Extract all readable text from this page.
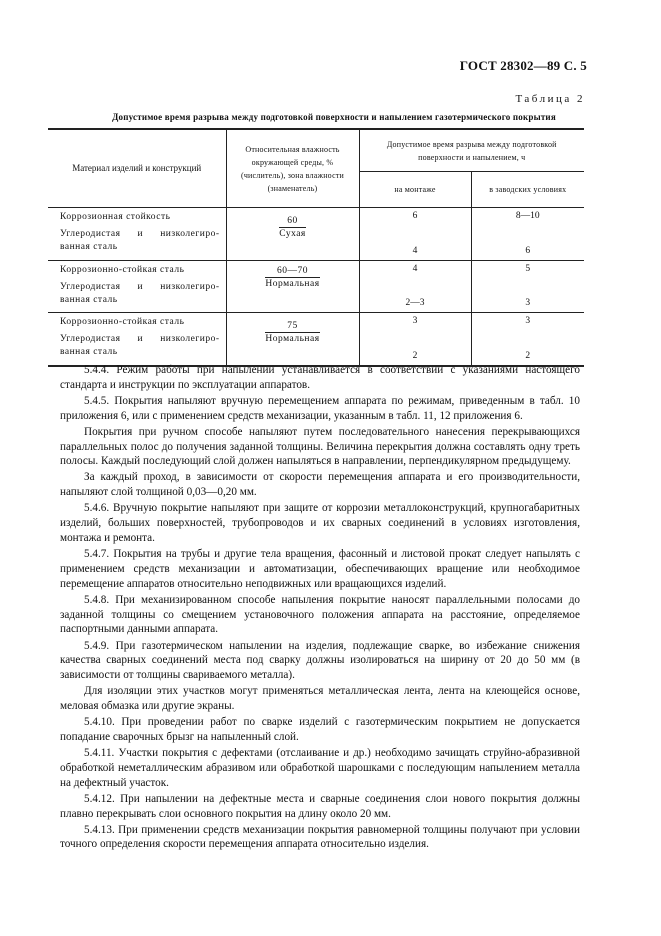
ГОСТ 28302—89 С. 5
Таблица 2
Допустимое время разрыва между подготовкой поверхности и напылением газотермического покрытия
Материал изделий и конструкций	Относительная влажность окружающей среды, % (числитель), зона влажности (знаменатель)	Допустимое время разрыва между подготовкой поверхности и напылением, ч	
		на монтаже	в заводских условиях
Коррозионная стойкость	$\frac{60}{\text{Сухая}}$	6	8—10

Углеродистая и низколегиро-
ванная сталь		4	6
Коррозионно-стойкая сталь	$\frac{60—70}{\text{Нормальная}}$	4	5

Углеродистая и низколегиро-
ванная сталь		2—3	3
Коррозионно-стойкая сталь	$\frac{75}{\text{Нормальная}}$	3	3

Углеродистая и низколегиро-
ванная сталь		2	2

5.4.4. Режим работы при напылении устанавливается в соответствии с указаниями настоящего стандарта и инструкции по эксплуатации аппаратов.

5.4.5. Покрытия напыляют вручную перемещением аппарата по режимам, приведенным в табл. 10 приложения 6, или с применением средств механизации, указанным в табл. 11, 12 приложения 6.

Покрытия при ручном способе напыляют путем последовательного нанесения перекрывающихся параллельных полос до получения заданной толщины. Величина перекрытия должна составлять одну треть полосы. Каждый последующий слой должен напыляться в направлении, перпендикулярном предыдущему.

За каждый проход, в зависимости от скорости перемещения аппарата и его производительности, напыляют слой толщиной 0,03—0,20 мм.

5.4.6. Вручную покрытие напыляют при защите от коррозии металлоконструкций, крупногабаритных изделий, больших поверхностей, трубопроводов и их сварных соединений в условиях изготовления, монтажа и ремонта.

5.4.7. Покрытия на трубы и другие тела вращения, фасонный и листовой прокат следует напылять с применением средств механизации и автоматизации, обеспечивающих вращение или необходимое перемещение аппаратов относительно неподвижных или вращающихся изделий.

5.4.8. При механизированном способе напыления покрытие наносят параллельными полосами до заданной толщины со смещением установочного положения аппарата на расстояние, определяемое паспортными данными аппарата.

5.4.9. При газотермическом напылении на изделия, подлежащие сварке, во избежание снижения качества сварных соединений места под сварку должны изолироваться на ширину от 20 до 50 мм (в зависимости от толщины свариваемого металла).

Для изоляции этих участков могут применяться металлическая лента, лента на клеющейся основе, меловая обмазка или другие экраны.

5.4.10. При проведении работ по сварке изделий с газотермическим покрытием не допускается попадание сварочных брызг на напыленный слой.

5.4.11. Участки покрытия с дефектами (отслаивание и др.) необходимо зачищать струйно-абразивной обработкой неметаллическим абразивом или обработкой шарошками с последующим напылением металла на дефектный участок.

5.4.12. При напылении на дефектные места и сварные соединения слои нового покрытия должны плавно перекрывать слои основного покрытия на длину около 20 мм.

5.4.13. При применении средств механизации покрытия равномерной толщины получают при условии точного определения скорости перемещения аппарата относительно изделия.
